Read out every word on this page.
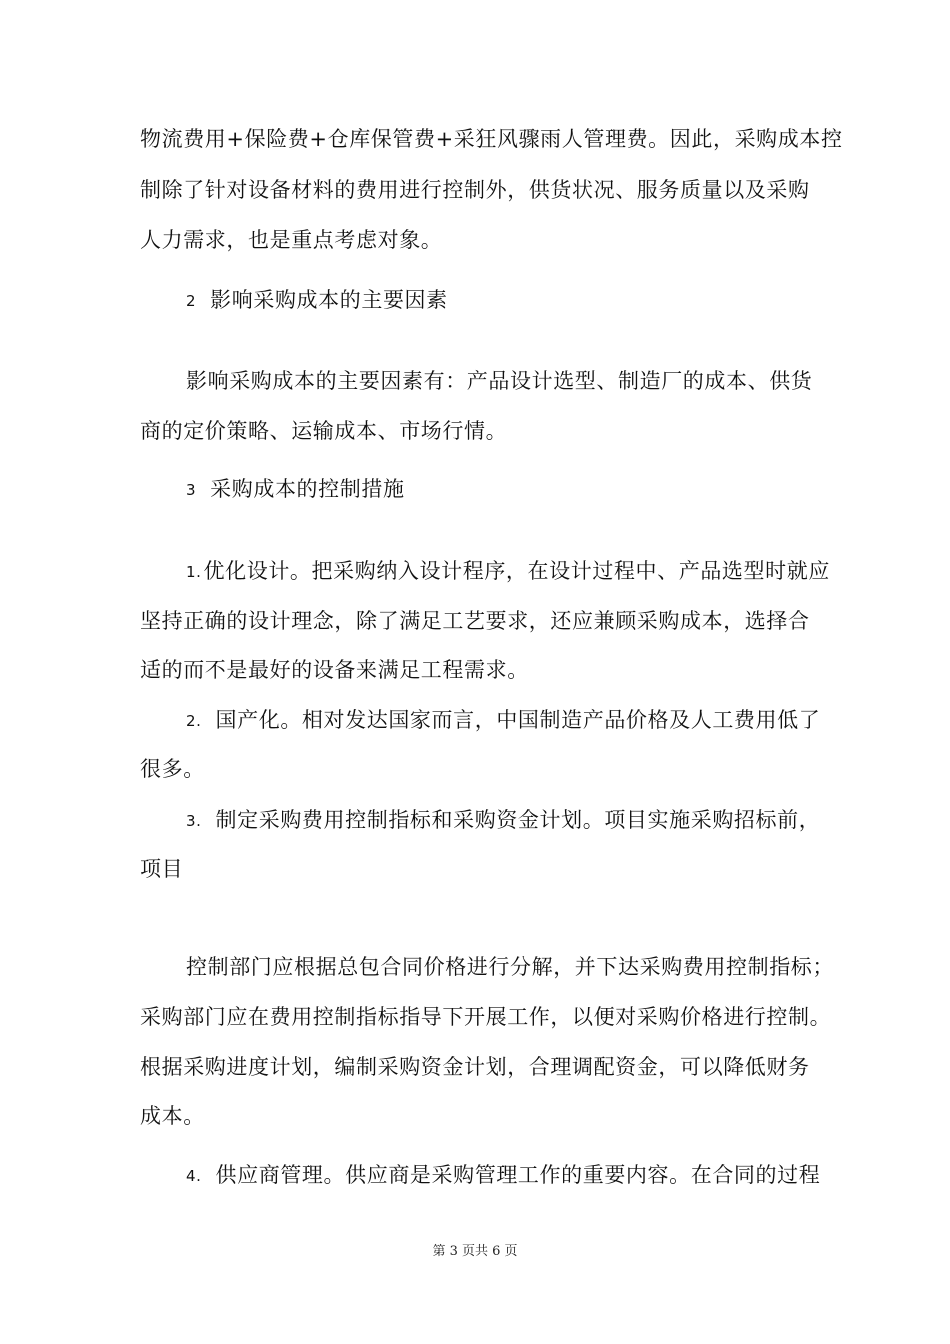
物流费用+保险费+仓库保管费+采狂风骤雨人管理费。因此，采购成本控
制除了针对设备材料的费用进行控制外，供货状况、服务质量以及采购
人力需求，也是重点考虑对象。
2 影响采购成本的主要因素
影响采购成本的主要因素有：产品设计选型、制造厂的成本、供货
商的定价策略、运输成本、市场行情。
3 采购成本的控制措施
1.优化设计。把采购纳入设计程序，在设计过程中、产品选型时就应
坚持正确的设计理念，除了满足工艺要求，还应兼顾采购成本，选择合
适的而不是最好的设备来满足工程需求。
2. 国产化。相对发达国家而言，中国制造产品价格及人工费用低了
很多。
3. 制定采购费用控制指标和采购资金计划。项目实施采购招标前，
项目
控制部门应根据总包合同价格进行分解，并下达采购费用控制指标；
采购部门应在费用控制指标指导下开展工作，以便对采购价格进行控制。
根据采购进度计划，编制采购资金计划，合理调配资金，可以降低财务
成本。
4. 供应商管理。供应商是采购管理工作的重要内容。在合同的过程
第 3 页共 6 页
